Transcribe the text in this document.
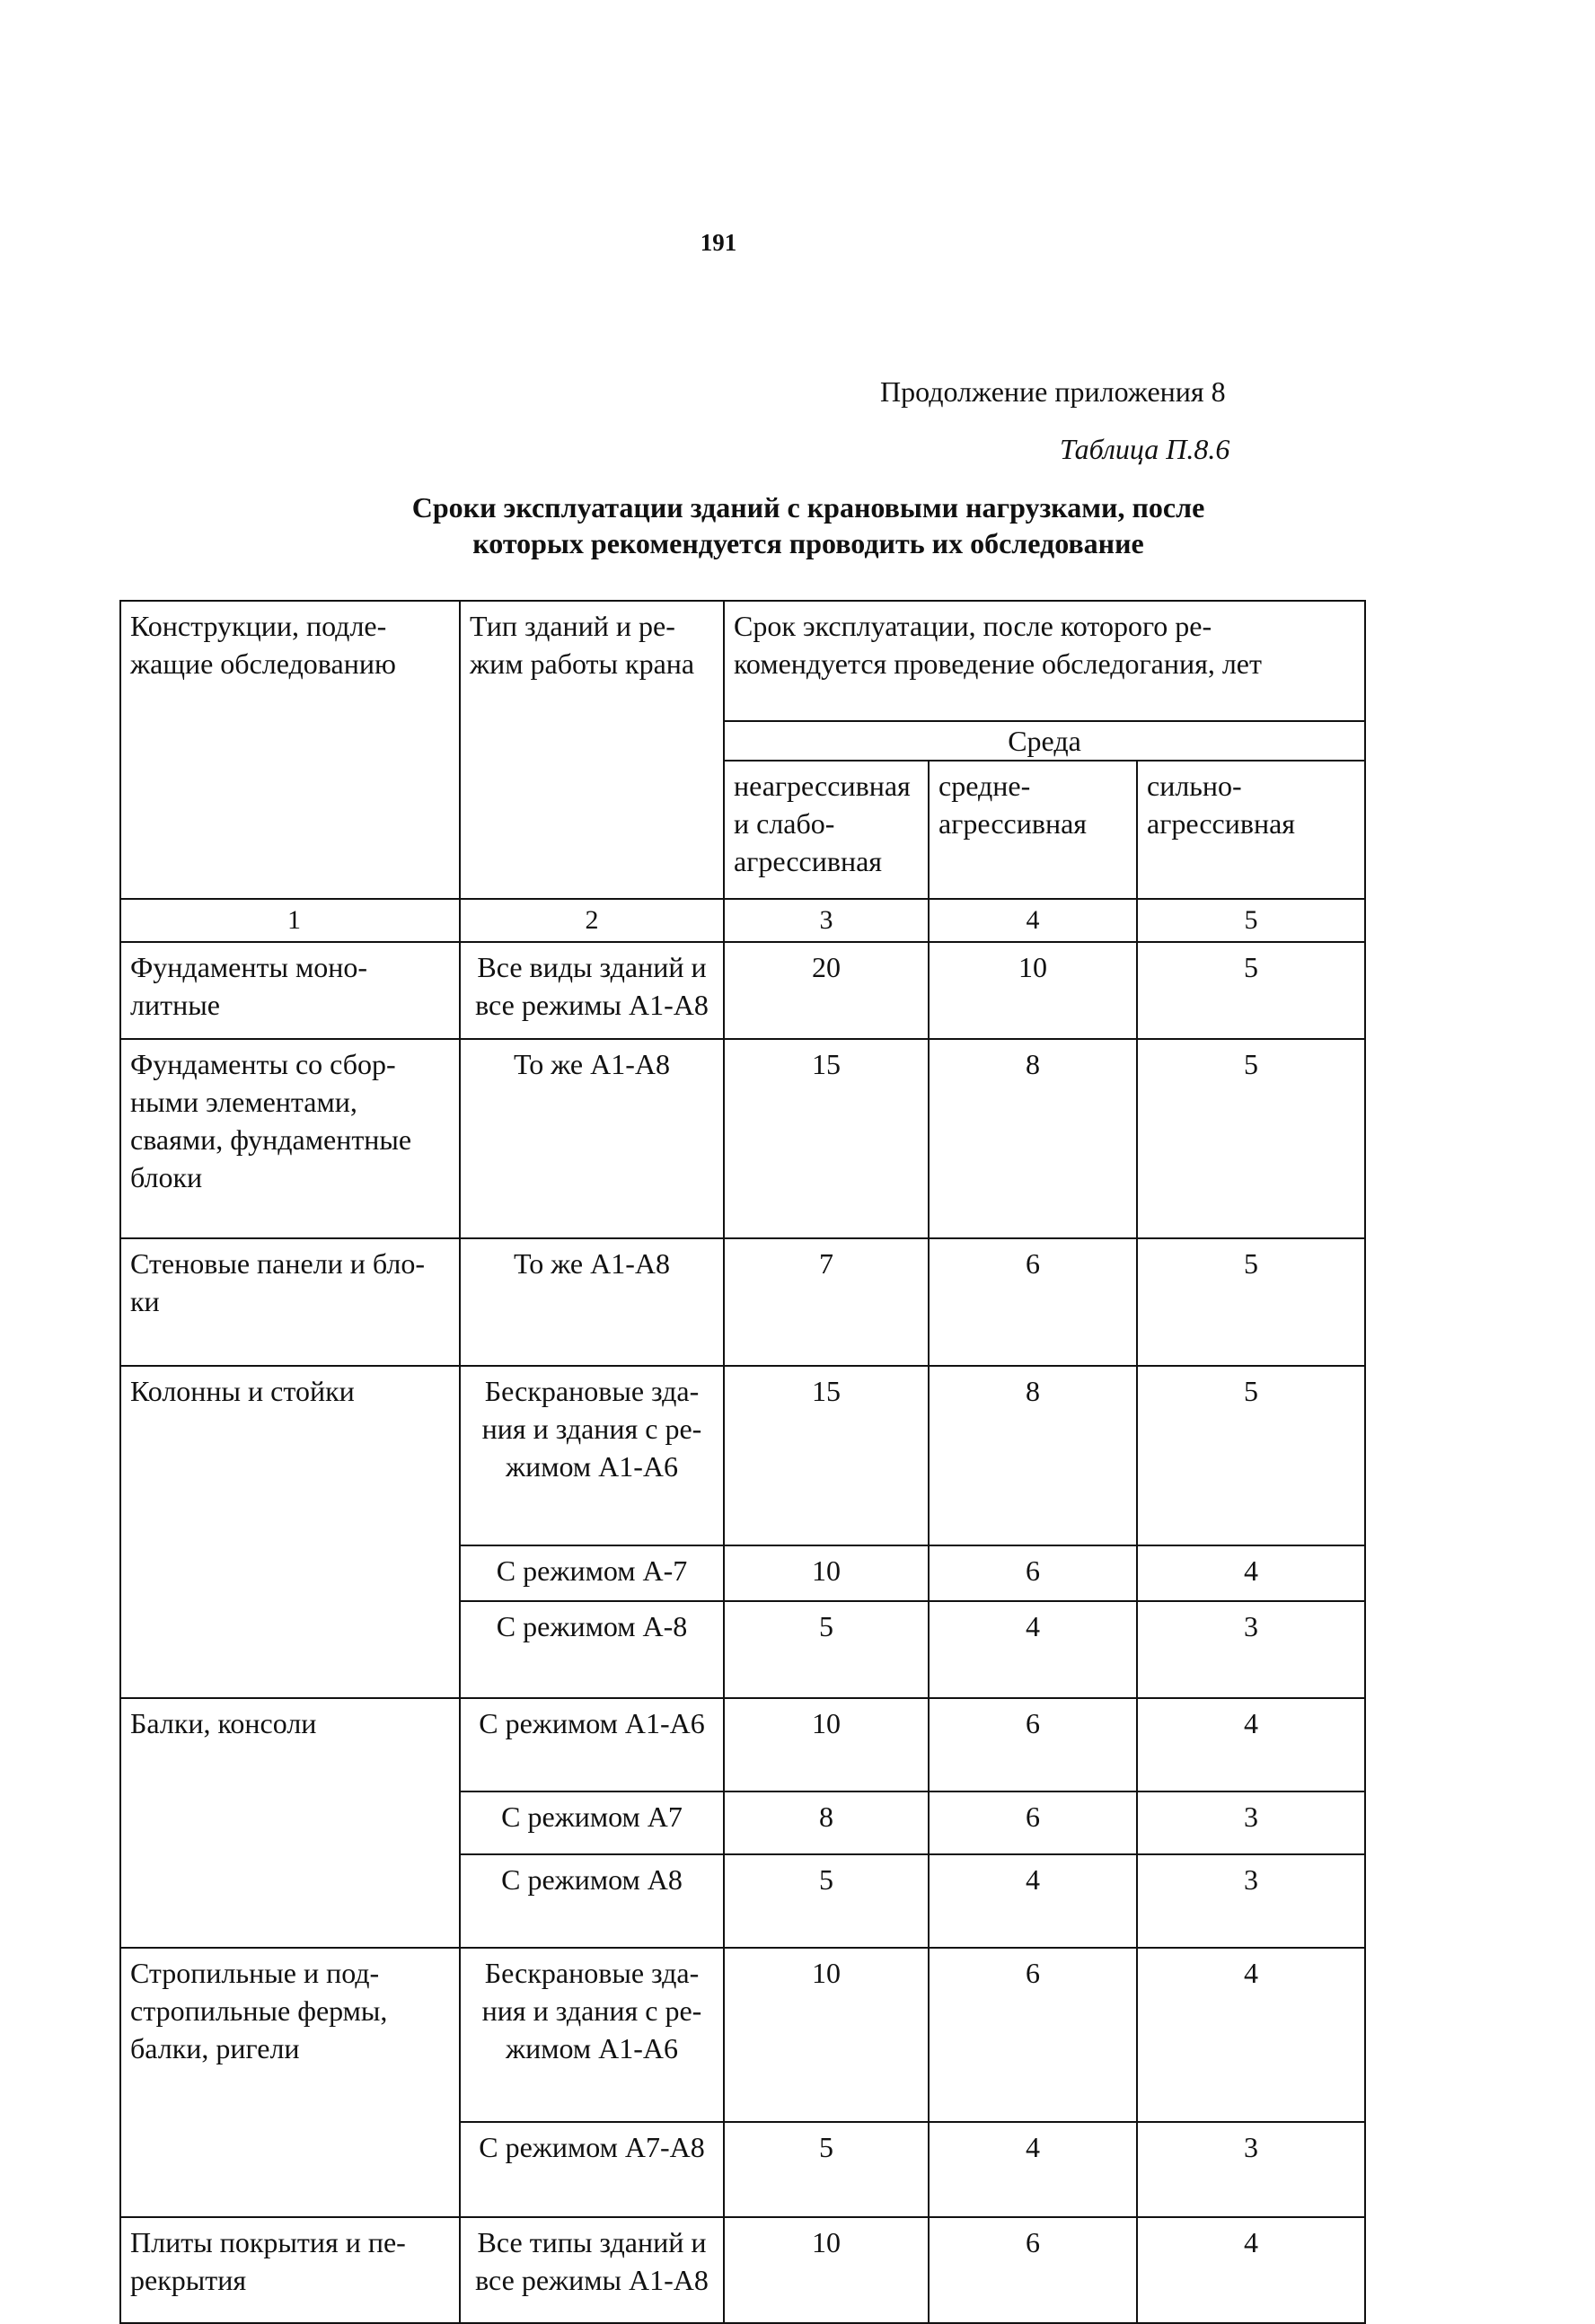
191
Продолжение приложения 8
Таблица П.8.6
Сроки эксплуатации зданий с крановыми нагрузками, после
которых рекомендуется проводить их обследование
Конструкции, подле-жащие обследованию	Тип зданий и ре-жим работы крана	Срок эксплуатации, после которого ре-комендуется проведение обследогания, лет		
		Среда		
		неагрессивная и слабо-агрессивная	средне-агрессивная	сильно-агрессивная
1	2	3	4	5
Фундаменты моно-литные	Все виды зданий и все режимы А1-А8	20	10	5
Фундаменты со сбор-ными элементами, сваями, фундаментные блоки	То же А1-А8	15	8	5
Стеновые панели и бло-ки	То же А1-А8	7	6	5
Колонны и стойки	Бескрановые зда-ния и здания с ре-жимом А1-А6	15	8	5
	С режимом А-7	10	6	4
	С режимом А-8	5	4	3
Балки, консоли	С режимом А1-А6	10	6	4
	С режимом А7	8	6	3
	С режимом А8	5	4	3
Стропильные и под-стропильные фермы, балки, ригели	Бескрановые зда-ния и здания с ре-жимом А1-А6	10	6	4
	С режимом А7-А8	5	4	3
Плиты покрытия и пе-рекрытия	Все типы зданий и все режимы А1-А8	10	6	4
